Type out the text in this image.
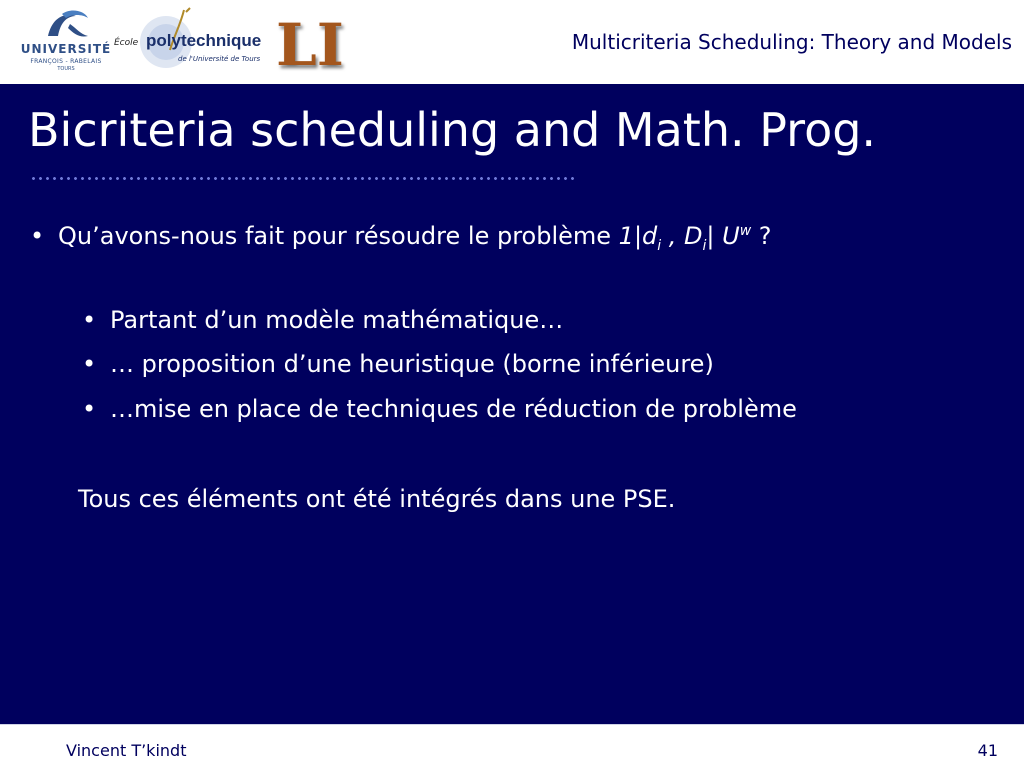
UNIVERSITÉ
FRANÇOIS - RABELAIS
TOURS
École polytechnique
de l'Université de Tours LI	Multicriteria Scheduling: Theory and Models
Bicriteria scheduling and Math. Prog.
• Qu’avons-nous fait pour résoudre le problème $1|d_i$ , $D_i|$ $U^w$ ?
• Partant d’un modèle mathématique…
• … proposition d’une heuristique (borne inférieure)
• …mise en place de techniques de réduction de problème
Tous ces éléments ont été intégrés dans une PSE.
Vincent T’kindt	41
